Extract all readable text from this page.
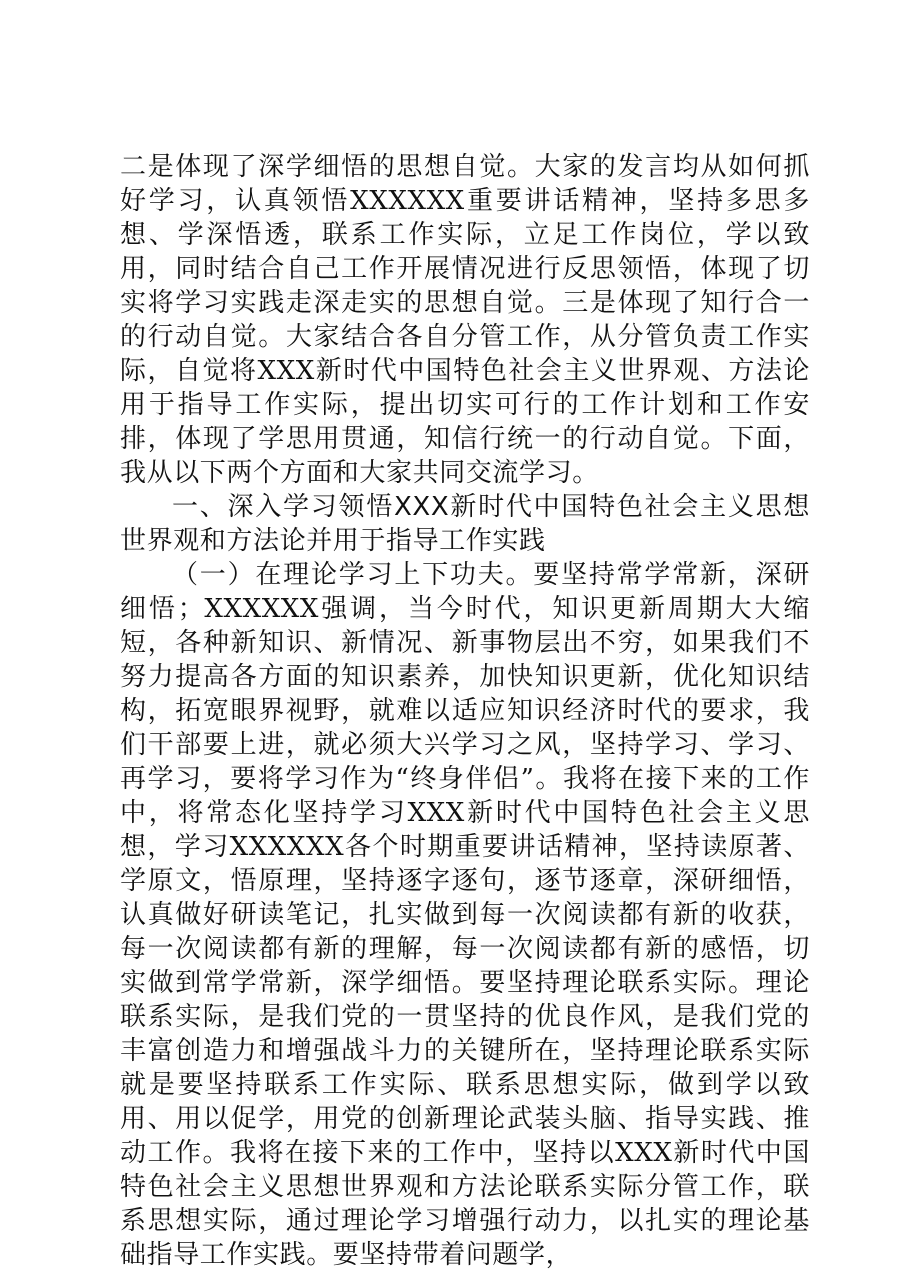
二是体现了深学细悟的思想自觉。大家的发言均从如何抓好学习，认真领悟XXXXXX重要讲话精神，坚持多思多想、学深悟透，联系工作实际，立足工作岗位，学以致用，同时结合自己工作开展情况进行反思领悟，体现了切实将学习实践走深走实的思想自觉。三是体现了知行合一的行动自觉。大家结合各自分管工作，从分管负责工作实际，自觉将XXX新时代中国特色社会主义世界观、方法论用于指导工作实际，提出切实可行的工作计划和工作安排，体现了学思用贯通，知信行统一的行动自觉。下面，我从以下两个方面和大家共同交流学习。

一、深入学习领悟XXX新时代中国特色社会主义思想世界观和方法论并用于指导工作实践

（一）在理论学习上下功夫。要坚持常学常新，深研细悟；XXXXXX强调，当今时代，知识更新周期大大缩短，各种新知识、新情况、新事物层出不穷，如果我们不努力提高各方面的知识素养，加快知识更新，优化知识结构，拓宽眼界视野，就难以适应知识经济时代的要求，我们干部要上进，就必须大兴学习之风，坚持学习、学习、再学习，要将学习作为“终身伴侣”。我将在接下来的工作中，将常态化坚持学习XXX新时代中国特色社会主义思想，学习XXXXXX各个时期重要讲话精神，坚持读原著、学原文，悟原理，坚持逐字逐句，逐节逐章，深研细悟，认真做好研读笔记，扎实做到每一次阅读都有新的收获，每一次阅读都有新的理解，每一次阅读都有新的感悟，切实做到常学常新，深学细悟。要坚持理论联系实际。理论联系实际，是我们党的一贯坚持的优良作风，是我们党的丰富创造力和增强战斗力的关键所在，坚持理论联系实际就是要坚持联系工作实际、联系思想实际，做到学以致用、用以促学，用党的创新理论武装头脑、指导实践、推动工作。我将在接下来的工作中，坚持以XXX新时代中国特色社会主义思想世界观和方法论联系实际分管工作，联系思想实际，通过理论学习增强行动力，以扎实的理论基础指导工作实践。要坚持带着问题学，
